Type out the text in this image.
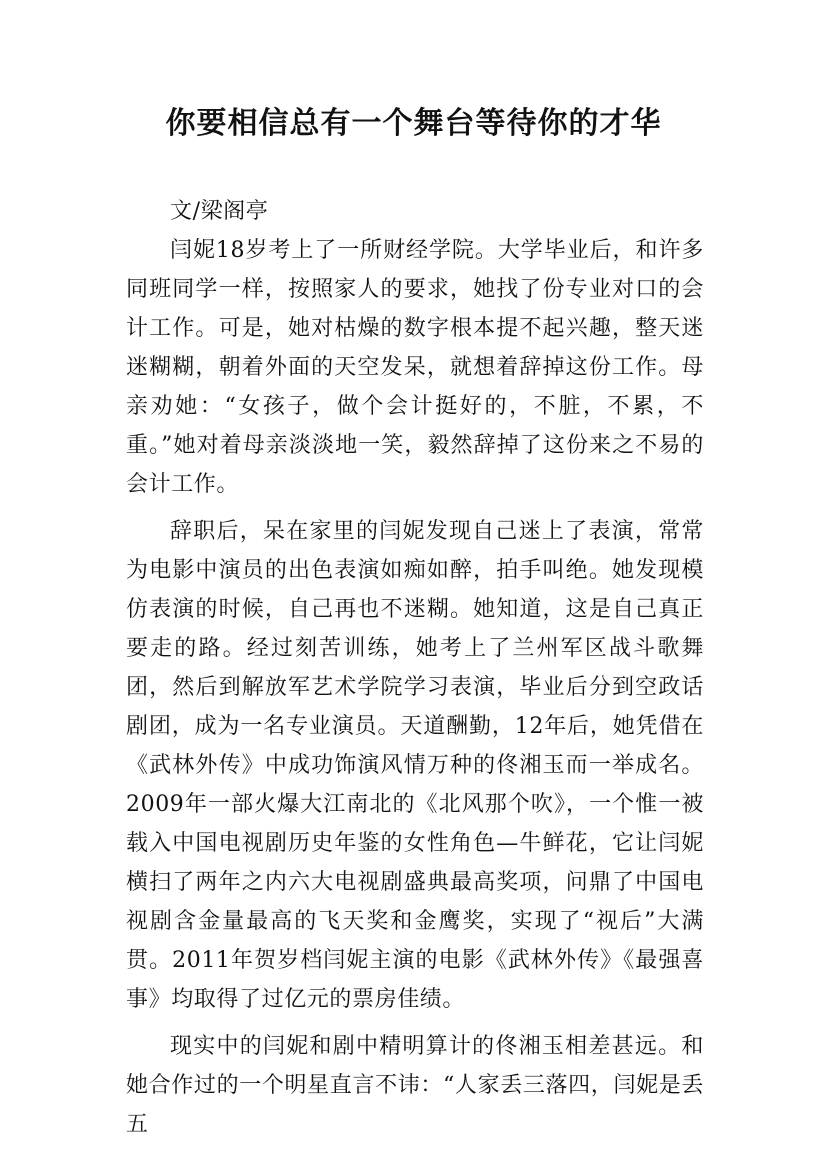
你要相信总有一个舞台等待你的才华

文/梁阁亭

闫妮18岁考上了一所财经学院。大学毕业后，和许多同班同学一样，按照家人的要求，她找了份专业对口的会计工作。可是，她对枯燥的数字根本提不起兴趣，整天迷迷糊糊，朝着外面的天空发呆，就想着辞掉这份工作。母亲劝她：“女孩子，做个会计挺好的，不脏，不累，不重。”她对着母亲淡淡地一笑，毅然辞掉了这份来之不易的会计工作。

辞职后，呆在家里的闫妮发现自己迷上了表演，常常为电影中演员的出色表演如痴如醉，拍手叫绝。她发现模仿表演的时候，自己再也不迷糊。她知道，这是自己真正要走的路。经过刻苦训练，她考上了兰州军区战斗歌舞团，然后到解放军艺术学院学习表演，毕业后分到空政话剧团，成为一名专业演员。天道酬勤，12年后，她凭借在《武林外传》中成功饰演风情万种的佟湘玉而一举成名。2009年一部火爆大江南北的《北风那个吹》，一个惟一被载入中国电视剧历史年鉴的女性角色—牛鲜花，它让闫妮横扫了两年之内六大电视剧盛典最高奖项，问鼎了中国电视剧含金量最高的飞天奖和金鹰奖，实现了“视后”大满贯。2011年贺岁档闫妮主演的电影《武林外传》《最强喜事》均取得了过亿元的票房佳绩。

现实中的闫妮和剧中精明算计的佟湘玉相差甚远。和她合作过的一个明星直言不讳：“人家丢三落四，闫妮是丢五
